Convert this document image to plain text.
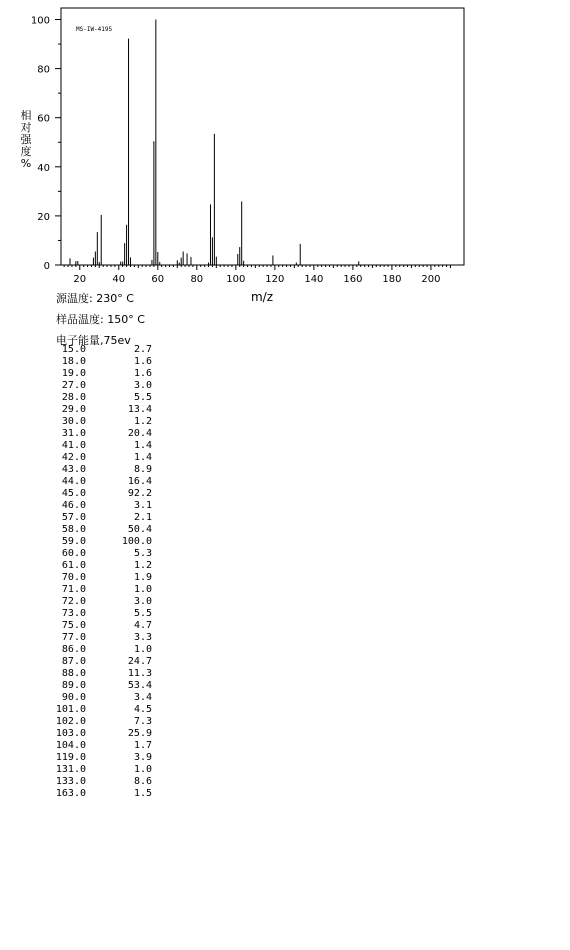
MS-IW-4195
20	40	60	80 100 120 140 160 180 200
0
20
40
60
80
100
m/z
相
对
强
度
%
源温度: 230° C
样品温度: 150° C
电子能量,75ev
15.0	2.7
18.0	1.6
19.0	1.6
27.0	3.0
28.0	5.5
29.0	13.4
30.0	1.2
31.0	20.4
41.0	1.4
42.0	1.4
43.0	8.9
44.0	16.4
45.0	92.2
46.0	3.1
57.0	2.1
58.0	50.4
59.0	100.0
60.0	5.3
61.0	1.2
70.0	1.9
71.0	1.0
72.0	3.0
73.0	5.5
75.0	4.7
77.0	3.3
86.0	1.0
87.0	24.7
88.0	11.3
89.0	53.4
90.0	3.4
101.0	4.5
102.0	7.3
103.0	25.9
104.0	1.7
119.0	3.9
131.0	1.0
133.0	8.6
163.0	1.5
